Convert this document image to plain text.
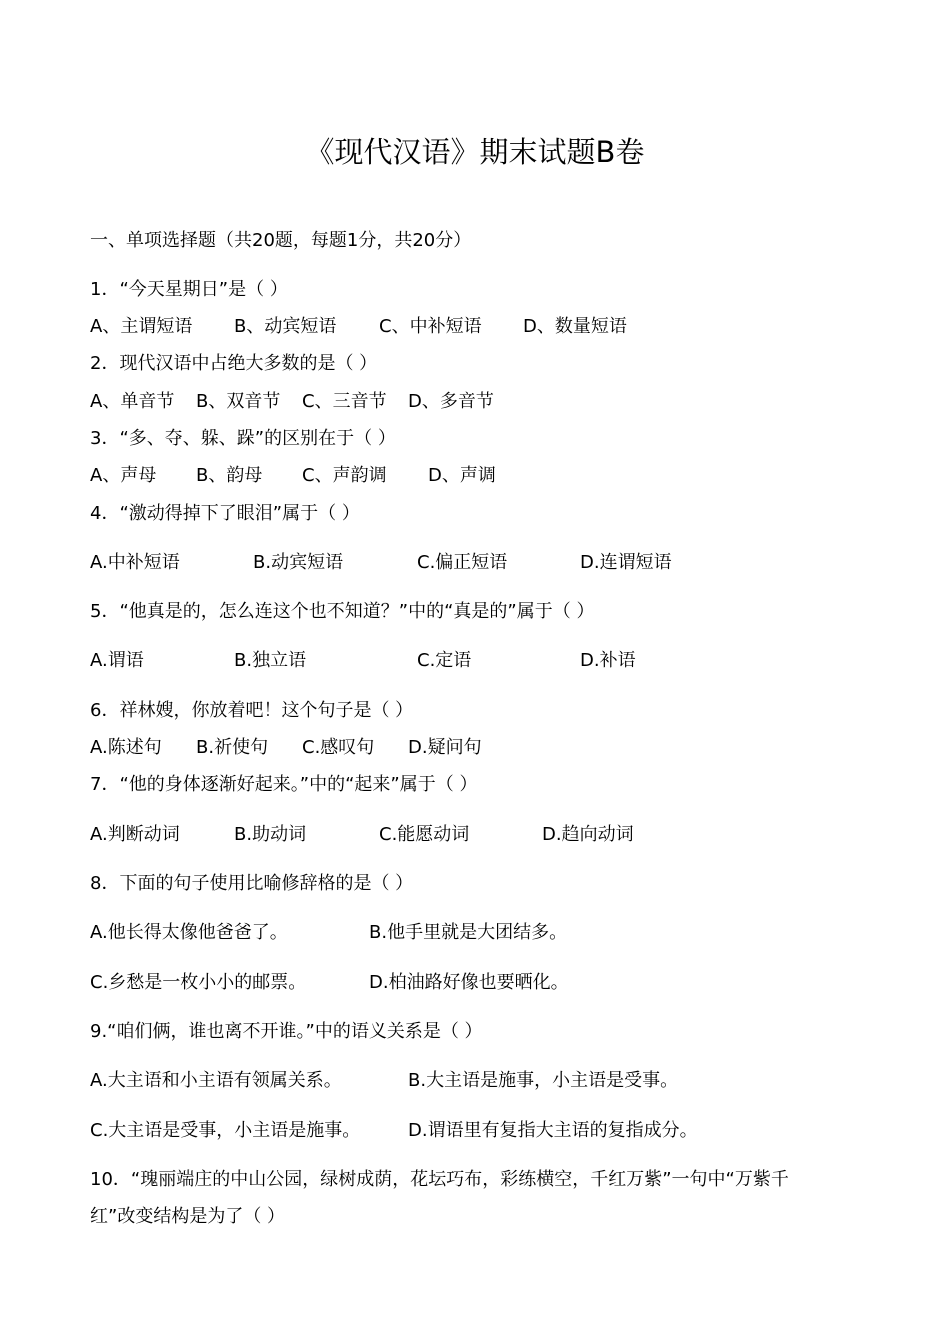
《现代汉语》期末试题B卷
一、单项选择题（共20题，每题1分，共20分）
1．“今天星期日”是（ ）
A、主谓短语 B、动宾短语 C、中补短语 D、数量短语
2．现代汉语中占绝大多数的是（ ）
A、单音节 B、双音节 C、三音节 D、多音节
3．“多、夺、躲、跺”的区别在于（ ）
A、声母 B、韵母 C、声韵调 D、声调
4．“激动得掉下了眼泪”属于（ ）
A.中补短语	B.动宾短语	C.偏正短语	D.连谓短语
5．“他真是的，怎么连这个也不知道？”中的“真是的”属于（ ）
A.谓语	B.独立语	C.定语	D.补语
6．祥林嫂，你放着吧！这个句子是（ ）
A.陈述句 B.祈使句 C.感叹句 D.疑问句
7．“他的身体逐渐好起来。”中的“起来”属于（ ）
A.判断动词	B.助动词	C.能愿动词	D.趋向动词
8．下面的句子使用比喻修辞格的是（ ）
A.他长得太像他爸爸了。	B.他手里就是大团结多。
C.乡愁是一枚小小的邮票。	D.柏油路好像也要晒化。
9.“咱们俩，谁也离不开谁。”中的语义关系是（ ）
A.大主语和小主语有领属关系。	B.大主语是施事，小主语是受事。
C.大主语是受事，小主语是施事。	D.谓语里有复指大主语的复指成分。
10．“瑰丽端庄的中山公园，绿树成荫，花坛巧布，彩练横空，千红万紫”一句中“万紫千
红”改变结构是为了（ ）
